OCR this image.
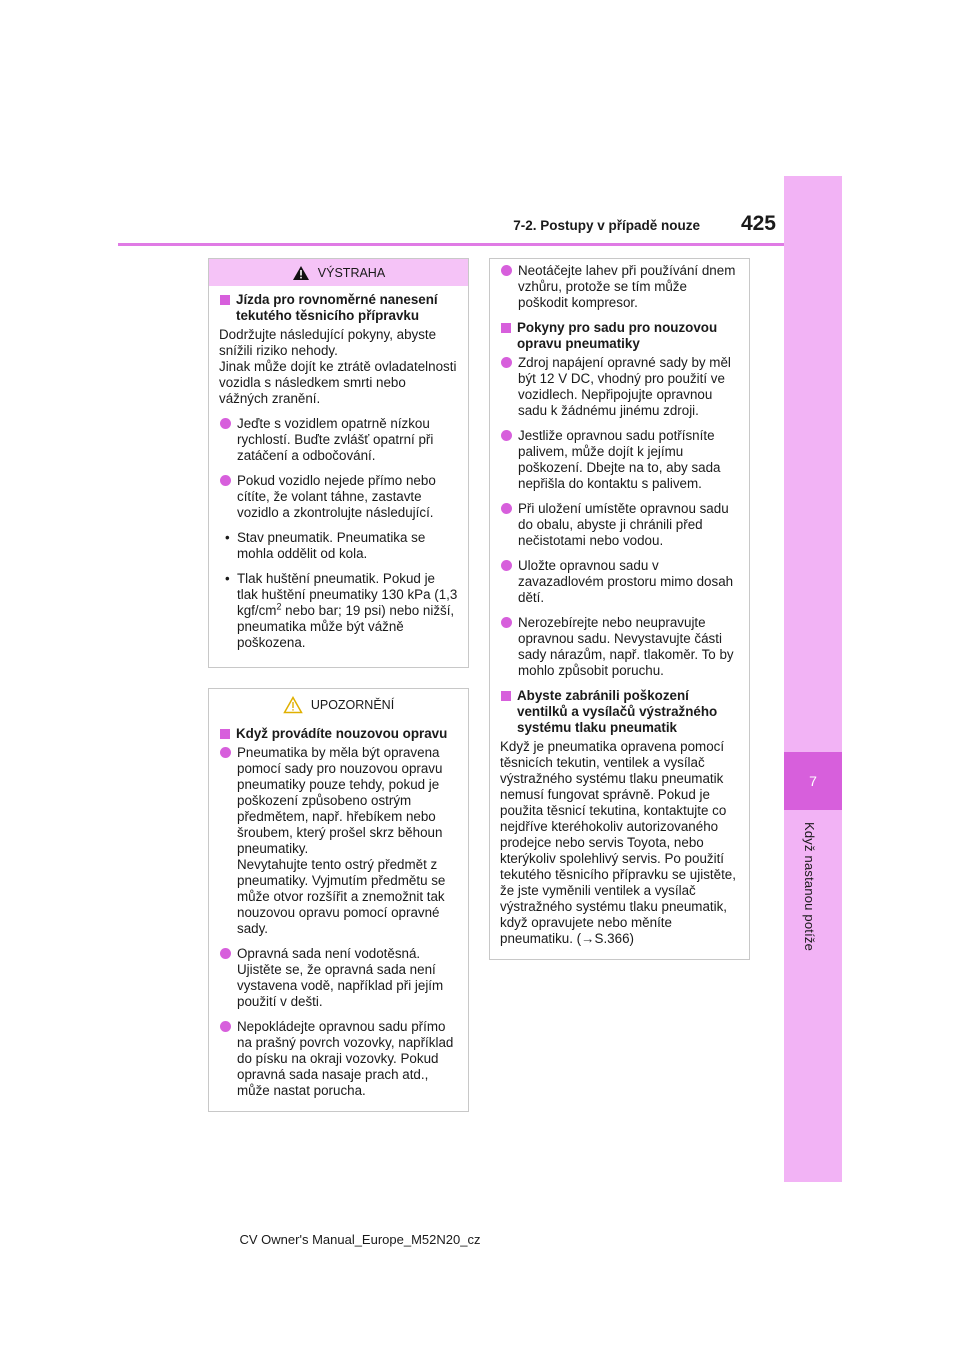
7
Když nastanou potíže
7-2. Postupy v případě nouze	425
VÝSTRAHA
Jízda pro rovnoměrné nanesení tekutého těsnicího přípravku
Dodržujte následující pokyny, abyste snížili riziko nehody.
Jinak může dojít ke ztrátě ovladatelnosti vozidla s následkem smrti nebo vážných zranění.
Jeďte s vozidlem opatrně nízkou rychlostí. Buďte zvlášť opatrní při zatáčení a odbočování.
Pokud vozidlo nejede přímo nebo cítíte, že volant táhne, zastavte vozidlo a zkontrolujte následující.
• Stav pneumatik. Pneumatika se mohla oddělit od kola.
• Tlak huštění pneumatik. Pokud je tlak huštění pneumatiky 130 kPa (1,3 kgf/$cm^2$ nebo bar; 19 psi) nebo nižší, pneumatika může být vážně poškozena.
UPOZORNĚNÍ
Když provádíte nouzovou opravu
Pneumatika by měla být opravena pomocí sady pro nouzovou opravu pneumatiky pouze tehdy, pokud je poškození způsobeno ostrým předmětem, např. hřebíkem nebo šroubem, který prošel skrz běhoun pneumatiky.
Nevytahujte tento ostrý předmět z pneumatiky. Vyjmutím předmětu se může otvor rozšířit a znemožnit tak nouzovou opravu pomocí opravné sady.
Opravná sada není vodotěsná. Ujistěte se, že opravná sada není vystavena vodě, například při jejím použití v dešti.
Nepokládejte opravnou sadu přímo na prašný povrch vozovky, například do písku na okraji vozovky. Pokud opravná sada nasaje prach atd., může nastat porucha.
Neotáčejte lahev při používání dnem vzhůru, protože se tím může poškodit kompresor.
Pokyny pro sadu pro nouzovou opravu pneumatiky
Zdroj napájení opravné sady by měl být 12 V DC, vhodný pro použití ve vozidlech. Nepřipojujte opravnou sadu k žádnému jinému zdroji.
Jestliže opravnou sadu potřísníte palivem, může dojít k jejímu poškození. Dbejte na to, aby sada nepřišla do kontaktu s palivem.
Při uložení umístěte opravnou sadu do obalu, abyste ji chránili před nečistotami nebo vodou.
Uložte opravnou sadu v zavazadlovém prostoru mimo dosah dětí.
Nerozebírejte nebo neupravujte opravnou sadu. Nevystavujte části sady nárazům, např. tlakoměr. To by mohlo způsobit poruchu.
Abyste zabránili poškození ventilků a vysílačů výstražného systému tlaku pneumatik
Když je pneumatika opravena pomocí těsnicích tekutin, ventilek a vysílač výstražného systému tlaku pneumatik nemusí fungovat správně. Pokud je použita těsnicí tekutina, kontaktujte co nejdříve kteréhokoliv autorizovaného prodejce nebo servis Toyota, nebo kterýkoliv spolehlivý servis. Po použití tekutého těsnicího přípravku se ujistěte, že jste vyměnili ventilek a vysílač výstražného systému tlaku pneumatik, když opravujete nebo měníte pneumatiku. (→S.366)
CV Owner's Manual_Europe_M52N20_cz
